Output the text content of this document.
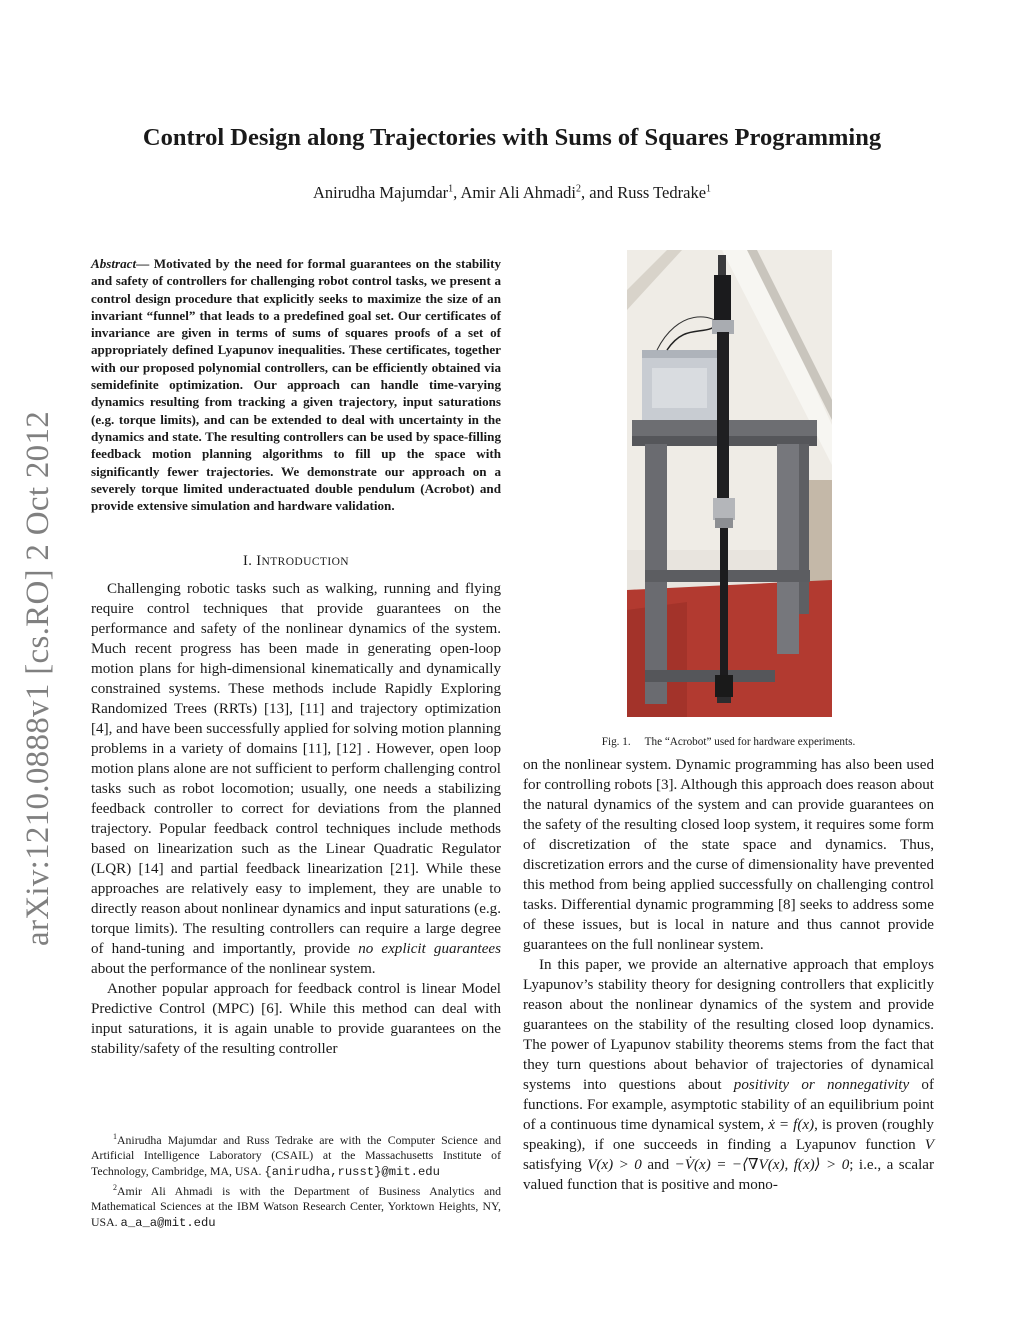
arXiv:1210.0888v1 [cs.RO] 2 Oct 2012
Control Design along Trajectories with Sums of Squares Programming
Anirudha Majumdar$^1$, Amir Ali Ahmadi$^2$, and Russ Tedrake$^1$
Abstract— Motivated by the need for formal guarantees on the stability and safety of controllers for challenging robot control tasks, we present a control design procedure that explicitly seeks to maximize the size of an invariant “funnel” that leads to a predefined goal set. Our certificates of invariance are given in terms of sums of squares proofs of a set of appropriately defined Lyapunov inequalities. These certificates, together with our proposed polynomial controllers, can be efficiently obtained via semidefinite optimization. Our approach can handle time-varying dynamics resulting from tracking a given trajectory, input saturations (e.g. torque limits), and can be extended to deal with uncertainty in the dynamics and state. The resulting controllers can be used by space-filling feedback motion planning algorithms to fill up the space with significantly fewer trajectories. We demonstrate our approach on a severely torque limited underactuated double pendulum (Acrobot) and provide extensive simulation and hardware validation.
I. INTRODUCTION

Challenging robotic tasks such as walking, running and flying require control techniques that provide guarantees on the performance and safety of the nonlinear dynamics of the system. Much recent progress has been made in generating open-loop motion plans for high-dimensional kinematically and dynamically constrained systems. These methods include Rapidly Exploring Randomized Trees (RRTs) [13], [11] and trajectory optimization [4], and have been successfully applied for solving motion planning problems in a variety of domains [11], [12] . However, open loop motion plans alone are not sufficient to perform challenging control tasks such as robot locomotion; usually, one needs a stabilizing feedback controller to correct for deviations from the planned trajectory. Popular feedback control techniques include methods based on linearization such as the Linear Quadratic Regulator (LQR) [14] and partial feedback linearization [21]. While these approaches are relatively easy to implement, they are unable to directly reason about nonlinear dynamics and input saturations (e.g. torque limits). The resulting controllers can require a large degree of hand-tuning and importantly, provide no explicit guarantees about the performance of the nonlinear system.

Another popular approach for feedback control is linear Model Predictive Control (MPC) [6]. While this method can deal with input saturations, it is again unable to provide guarantees on the stability/safety of the resulting controller

$^1$Anirudha Majumdar and Russ Tedrake are with the Computer Science and Artificial Intelligence Laboratory (CSAIL) at the Massachusetts Institute of Technology, Cambridge, MA, USA. {anirudha,russt}@mit.edu

$^2$Amir Ali Ahmadi is with the Department of Business Analytics and Mathematical Sciences at the IBM Watson Research Center, Yorktown Heights, NY, USA. a_a_a@mit.edu

Fig. 1. The “Acrobot” used for hardware experiments.

on the nonlinear system. Dynamic programming has also been used for controlling robots [3]. Although this approach does reason about the natural dynamics of the system and can provide guarantees on the safety of the resulting closed loop system, it requires some form of discretization of the state space and dynamics. Thus, discretization errors and the curse of dimensionality have prevented this method from being applied successfully on challenging control tasks. Differential dynamic programming [8] seeks to address some of these issues, but is local in nature and thus cannot provide guarantees on the full nonlinear system.

In this paper, we provide an alternative approach that employs Lyapunov’s stability theory for designing controllers that explicitly reason about the nonlinear dynamics of the system and provide guarantees on the stability of the resulting closed loop dynamics. The power of Lyapunov stability theorems stems from the fact that they turn questions about behavior of trajectories of dynamical systems into questions about positivity or nonnegativity of functions. For example, asymptotic stability of an equilibrium point of a continuous time dynamical system, ẋ = f(x), is proven (roughly speaking), if one succeeds in finding a Lyapunov function V satisfying V(x) > 0 and −V̇(x) = −⟨∇V(x), f(x)⟩ > 0; i.e., a scalar valued function that is positive and mono-
